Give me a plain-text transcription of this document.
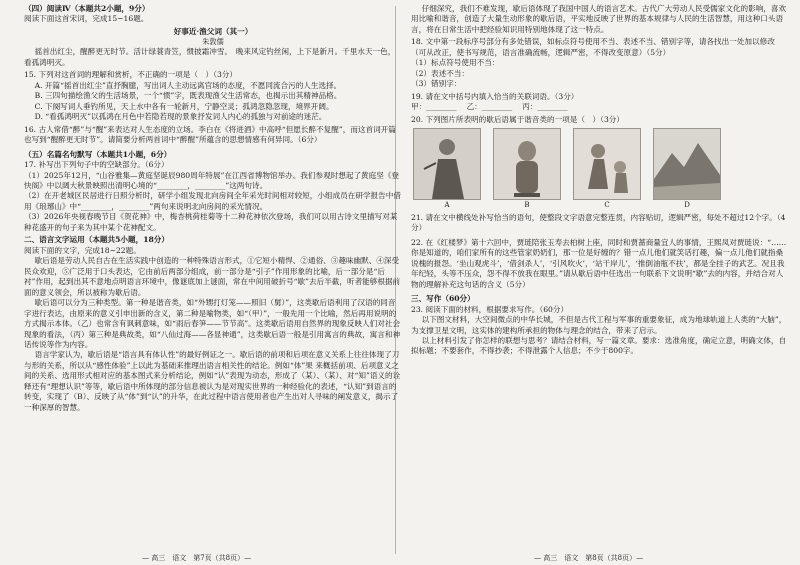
（四）阅读Ⅳ（本题共2小题，9分）

阅读下面这首宋词，完成15~16题。

好事近·渔父词（其一）

朱敦儒

摇首出红尘，醒醉更无时节。活计绿蓑青笠，惯披霜冲雪。　晚来风定钓丝闲，上下是新月。千里水天一色，看孤鸿明灭。

15. 下列对这首词的理解和赏析，不正确的一项是（　）（3分）

A. 开篇“摇首出红尘”直抒胸臆，写出词人主动远离官场的态度，不愿同流合污的人生选择。

B. 三四句描绘渔父的生活场景，一个“惯”字，既表现渔父生活常态，也揭示出其精神品格。

C. 下阕写词人垂钓所见，天上水中各有一轮新月，宁静空灵；孤鸿忽隐忽现，境界开阔。

D. “看孤鸿明灭”以孤鸿在月色中若隐若现的景象抒发词人内心的孤独与对前途的迷茫。

16. 古人常借“醉”与“醒”来表达对人生态度的立场。李白在《将进酒》中高呼“但愿长醉不复醒”，而这首词开篇也写到“醒醉更无时节”。请简要分析两首词中“醉醒”所蕴含的思想情感有何异同。（6分）

（五）名篇名句默写（本题共1小题，6分）

17. 补写出下列句子中的空缺部分。（6分）

（1）2025年12月，“山谷雅集—黄庭坚诞辰980周年特展”在江西省博物馆举办。我们参观时想起了黄庭坚《登快阁》中以阔大秋景映照出清明心境的“________，________”这两句诗。

（2）在开老城区民居进行日照分析时，研学小组发现北向房间全年采光时间相对较短，小组成员在研学报告中借用《琅琊山》中“________，________”两句来说明北向房间的采光情况。

（3）2026年央视春晚节目《贺花神》中，梅杏桃荷桂菊等十二种花神依次登场，我们可以用古诗文里描写对某种花盛开的句子来为其中某个花神配文。

二、语言文字运用（本题共5小题，18分）

阅读下面的文字，完成18~22题。

歇后语是劳动人民自古在生活实践中创造的一种特殊语言形式，①它短小精悍、②通俗、③趣味幽默、④深受民众欢迎，⑤广泛用于口头表达，它由前后两部分组成，前一部分是“引子”作用形象的比喻，后一部分是“后衬”作用，起到出其不意地点明语言环境中，像谜底加上谜面，常在中间用破折号“歇”去后半截，听者能够根据前面的意义领会，所以被称为歇后语。

歇后语可以分为三种类型。第一种是谐音类，如“外甥打灯笼——照旧（舅）”，这类歇后语利用了汉语的同音字进行表达，由原来的意义引申出新的含义，第二种是喻物类，如“（甲）”，一般先用一个比喻，然后再用说明的方式揭示本体。（乙）也常含有讽刺意味，如“雨后春笋——节节高”。这类歇后语用自然界的现象反映人们对社会现象的看法，（丙）第三种是典故类，如“八仙过海——各显神通”，这类歇后语一般是引用寓言的典故，寓言和神话传说等作为内容。

语言学家认为，歇后语是“语言具有体认性”的最好例证之一。歇后语的前项和后项在意义关系上往往体现了刀与形的关系，所以从“感性体验”上以此为基础来推理出语言相关性的结论。例如“体”果 来概括前项、后项意义之间的关系、选用形式相对应的基本图式来分析结论，例如“认”表现为动态，形成了（某）、（某）、对“知”语义的诠释还有“理想认识”等等，歇后语中所体现的部分信息被认为是对现实世界的一种经验化的表述，“认知”到语言的转变，实现了（B）、反映了从“体”到“认”的升华，在此过程中语言使用者也产生出对人寻味的阐发意义，揭示了一种深厚的智慧。

仔细深究，我们不难发现，歇后语体现了我国中国人的语言艺术。古代广大劳动人民受儒家文化的影响，喜欢用比喻和谐音，创造了大量生动形象的歇后语，平实地反映了世界的基本规律与人民的生活智慧，用这种口头语言，将在日常生活中把经验知识用特别地体现了这一特点。

18. 文中第一段标序号部分有多处错误，如标点符号使用不当、表述不当、错别字等，请各找出一处加以修改（可从改正，使书写规范，语言准确流畅，逻辑严密，不得改变原意）（5分）

（1）标点符号使用不当：

（2）表述不当：

（3）错别字：

19. 请在文中括号内填入恰当的关联词语。（3分）

甲：________　 乙：________　 丙：________

20. 下列图片所表明的歇后语属于谐音类的一项是（　）（3分）

A	B	C	D

21. 请在文中横线处补写恰当的语句，使整段文字语意完整连贯，内容贴切，逻辑严密，每处不超过12个字。（4分）

22. 在《红楼梦》第十六回中，贾琏陪张玉寿去柏树上座，同时和贾蔷商量宜人的事情，王熙凤对贾琏说：“……你是知道的，咱们家所有的这些管家奶奶们，那一位是好缠的？错一点儿他们就笑话打趣，偏一点儿他们就指桑说槐的报怨。‘坐山观虎斗’，‘借剑杀人’，‘引风吹火’，‘站干岸儿’，‘推倒油瓶不扶’，都是全挂子的武艺。况且我年纪轻，头等不压众，怨不得不放我在眼里。”请从歇后语中任选出一句联系下文说明“歇”去的内容，并结合对人物的理解补充这句话的含义（5分）

三、写作（60分）

23. 阅读下面的材料，根据要求写作。（60分）

以下图文材料，大空间微点的中华长城，不但是古代工程与军事的重要象征，成为地球轨道上人类的“大脑”，为支撑卫星文明，这实体的建构所承担的物体与理念的结合，带来了启示。

以上材料引发了你怎样的联想与思考？请结合材料，写一篇文章。要求：选准角度，确定立意，明确文体，自拟标题；不要套作，不得抄袭；不得泄露个人信息；不少于800字。

— 高三　语文　第7页（共8页）—	— 高三　语文　第8页（共8页）—
